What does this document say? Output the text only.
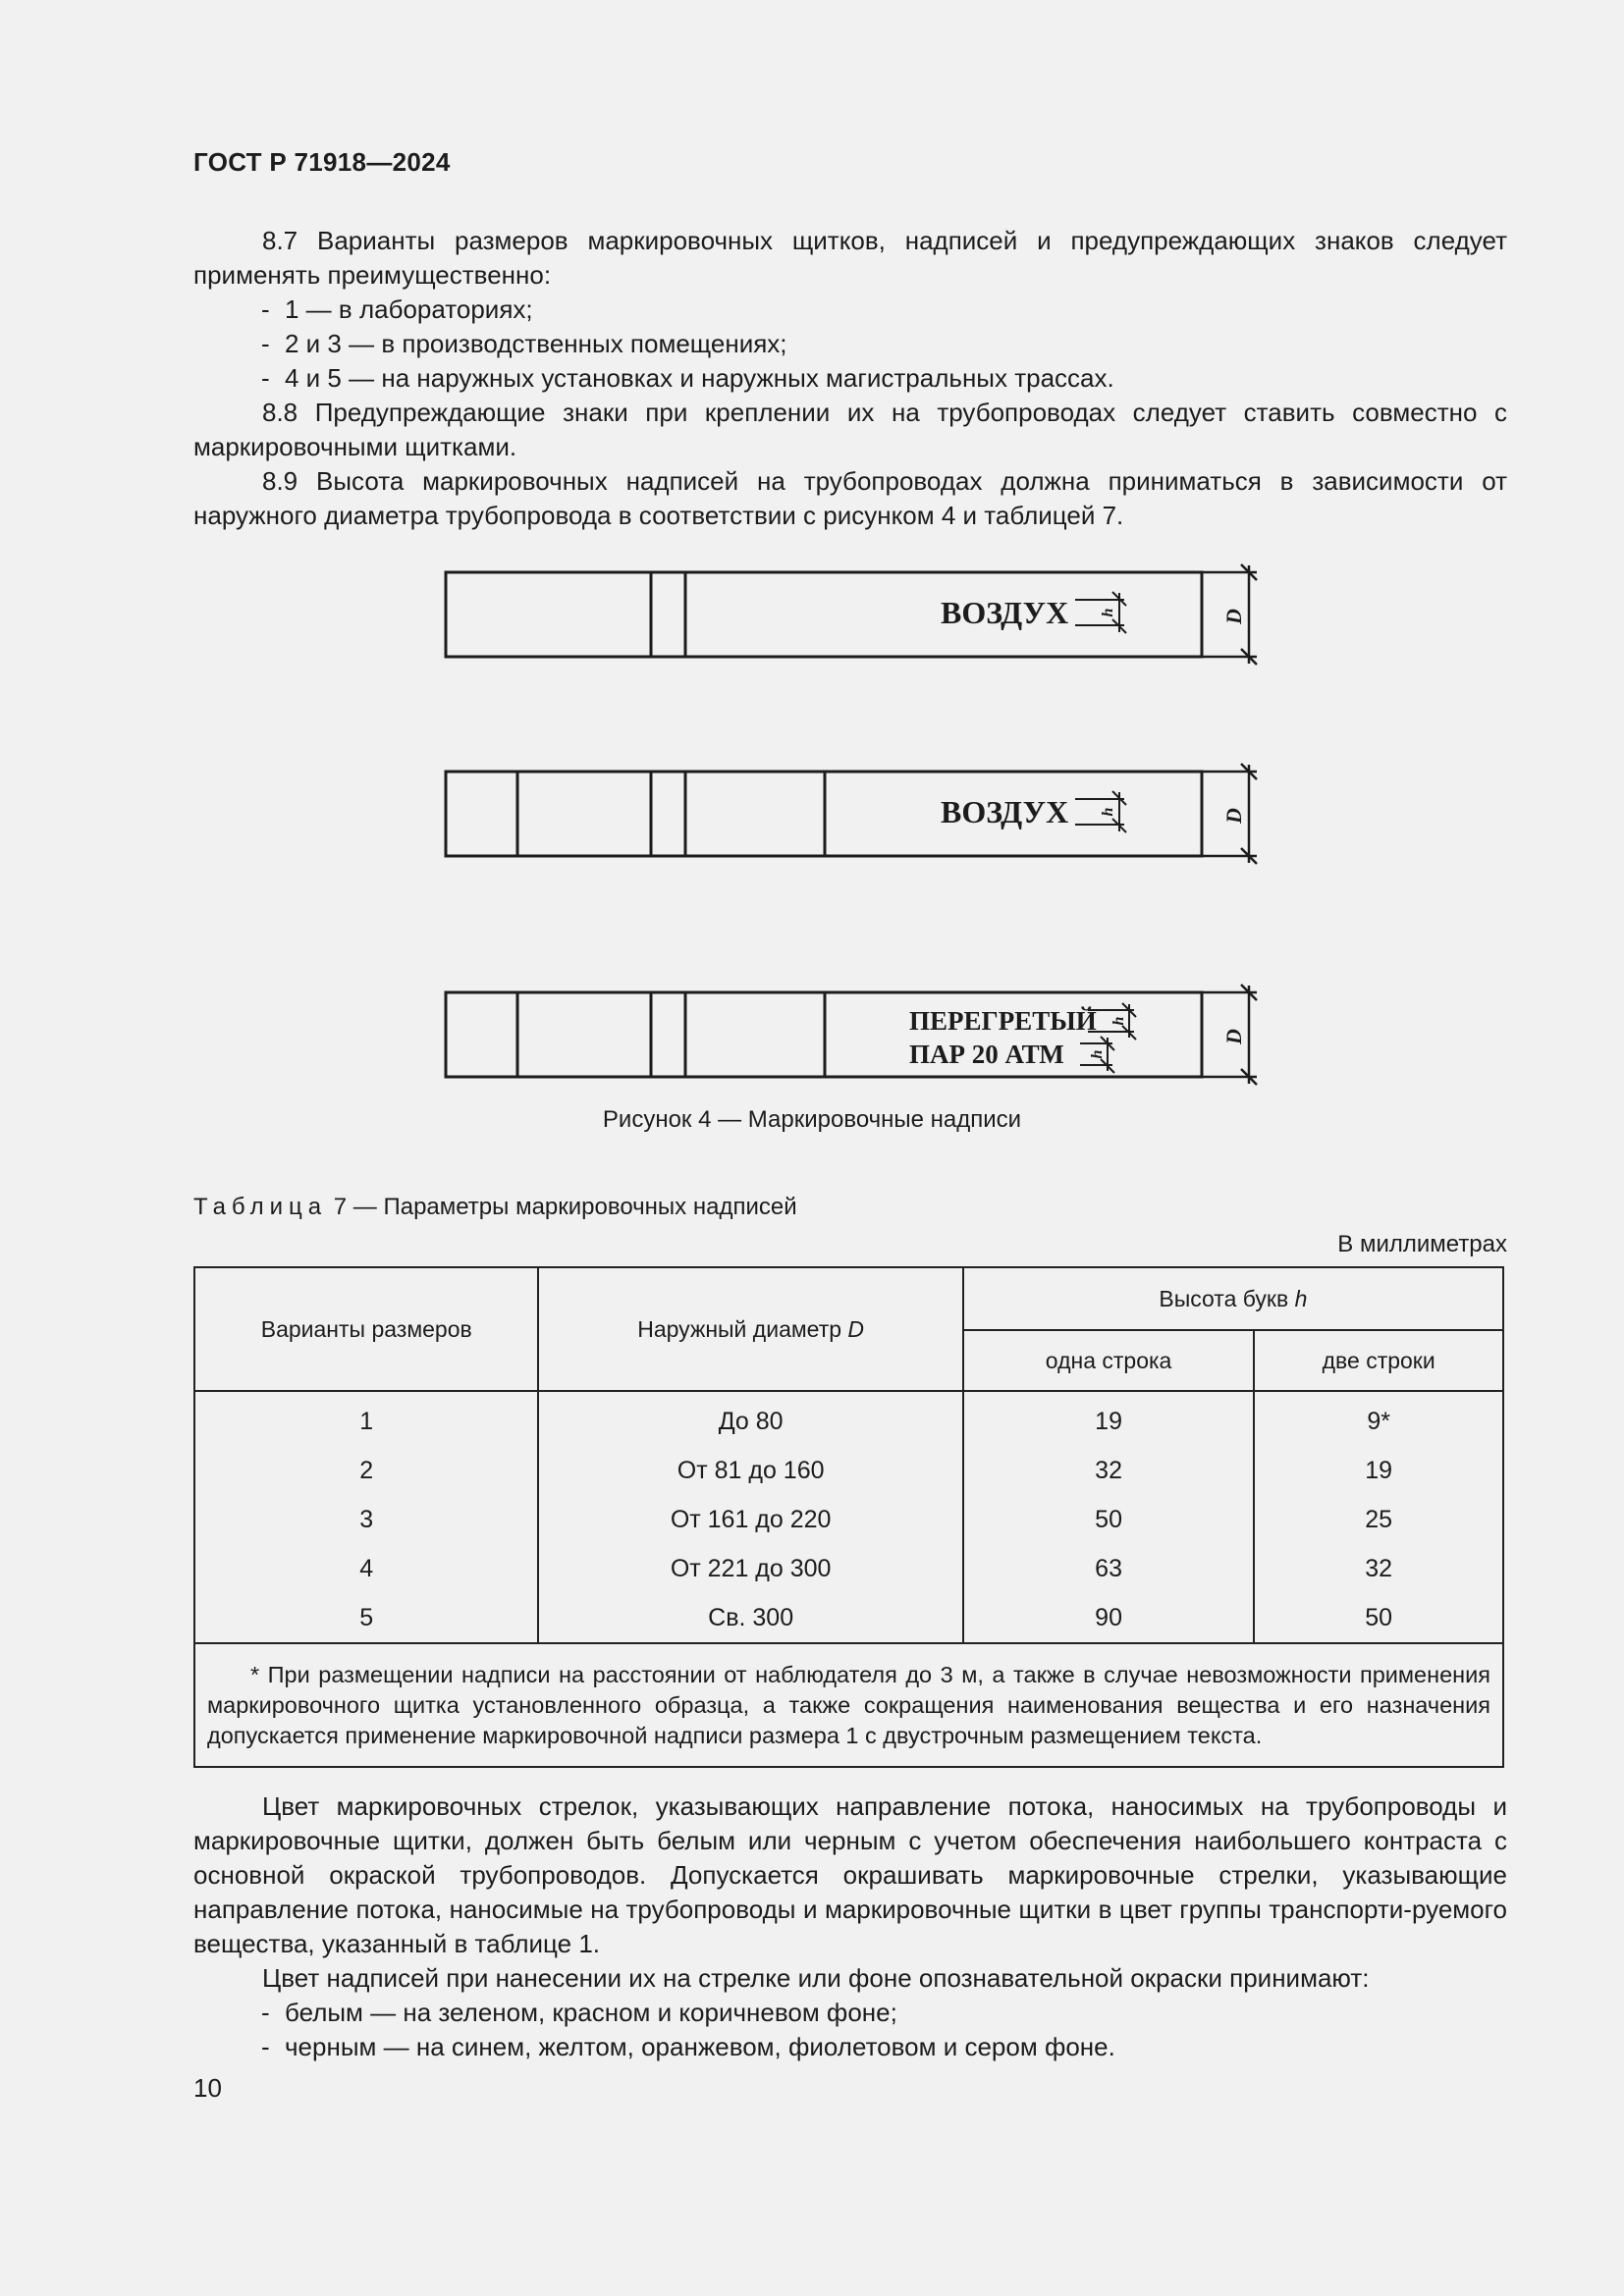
ГОСТ Р 71918—2024
8.7 Варианты размеров маркировочных щитков, надписей и предупреждающих знаков следует применять преимущественно:
- 1 — в лабораториях;
- 2 и 3 — в производственных помещениях;
- 4 и 5 — на наружных установках и наружных магистральных трассах.
8.8 Предупреждающие знаки при креплении их на трубопроводах следует ставить совместно с маркировочными щитками.
8.9 Высота маркировочных надписей на трубопроводах должна приниматься в зависимости от наружного диаметра трубопровода в соответствии с рисунком 4 и таблицей 7.
D
D
D
ВОЗДУХ
ВОЗДУХ
ПЕРЕГРЕТЫЙ
ПАР 20 АТМ
h
h
h
h
Рисунок 4 — Маркировочные надписи
Таблица 7 — Параметры маркировочных надписей
В миллиметрах
Варианты размеров	Наружный диаметр D	Высота букв h	
		одна строка	две строки

1	До 80	19	9*
2	От 81 до 160	32	19
3	От 161 до 220	50	25
4	От 221 до 300	63	32
5	Св. 300	90	50
* При размещении надписи на расстоянии от наблюдателя до 3 м, а также в случае невозможности применения маркировочного щитка установленного образца, а также сокращения наименования вещества и его назначения допускается применение маркировочной надписи размера 1 с двустрочным размещением текста.			
Цвет маркировочных стрелок, указывающих направление потока, наносимых на трубопроводы и маркировочные щитки, должен быть белым или черным с учетом обеспечения наибольшего контраста с основной окраской трубопроводов. Допускается окрашивать маркировочные стрелки, указывающие направление потока, наносимые на трубопроводы и маркировочные щитки в цвет группы транспорти-руемого вещества, указанный в таблице 1.
Цвет надписей при нанесении их на стрелке или фоне опознавательной окраски принимают:
- белым — на зеленом, красном и коричневом фоне;
- черным — на синем, желтом, оранжевом, фиолетовом и сером фоне.
10
